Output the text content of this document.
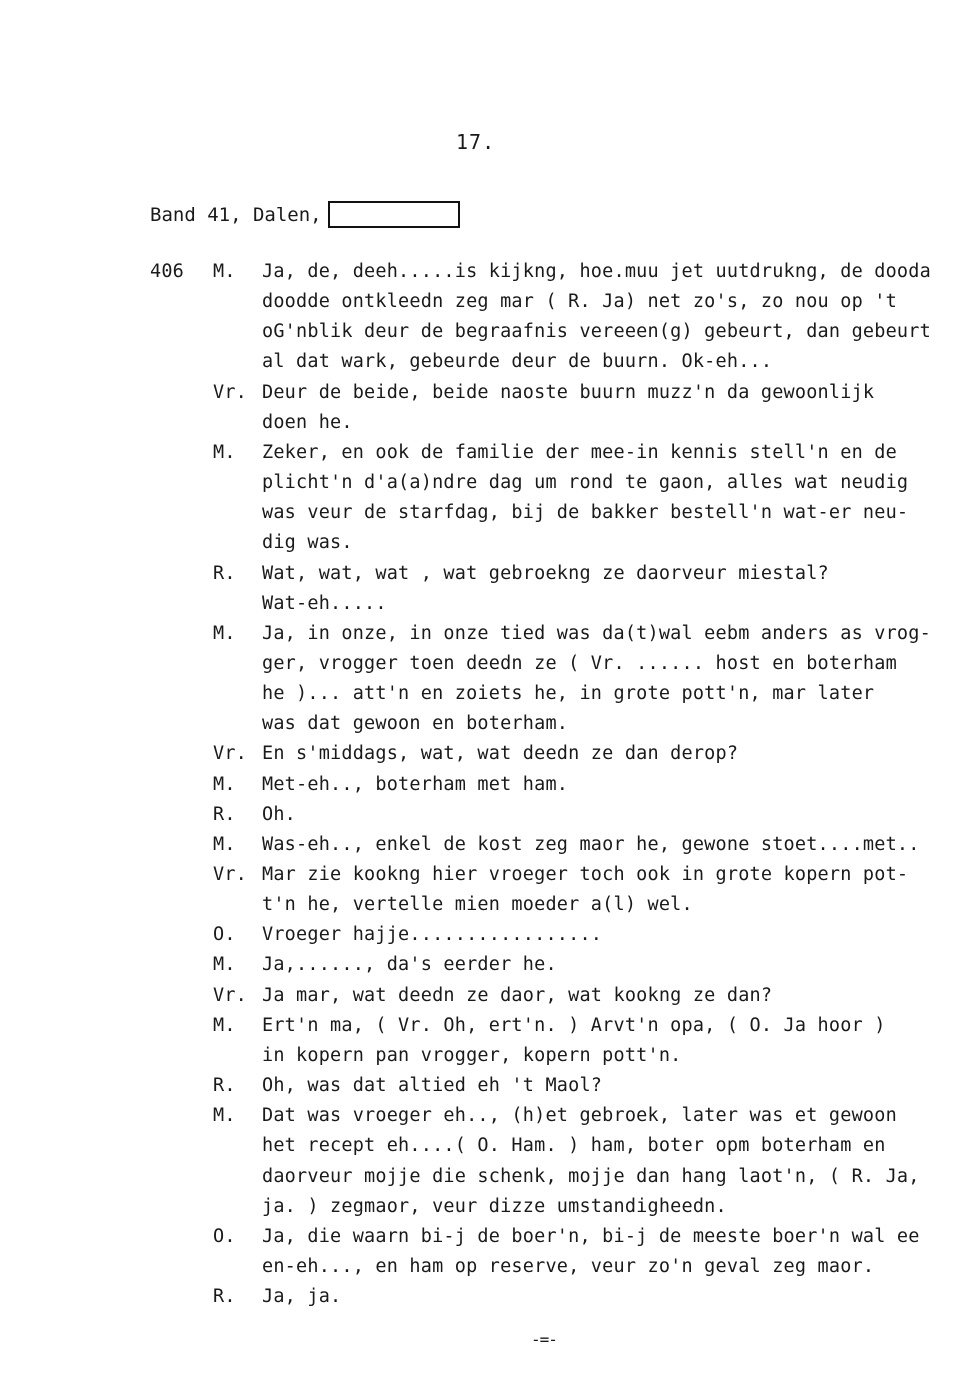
17.
Band 41, Dalen,
406 M. Ja, de, deeh.....is kijkng, hoe.muu jet uutdrukng, de dooda
doodde ontkleedn zeg mar ( R. Ja) net zo's, zo nou op 't
oG'nblik deur de begraafnis vereeen(g) gebeurt, dan gebeurt
al dat wark, gebeurde deur de buurn. Ok-eh...
Vr. Deur de beide, beide naoste buurn muzz'n da gewoonlijk
doen he.
M. Zeker, en ook de familie der mee-in kennis stell'n en de
plicht'n d'a(a)ndre dag um rond te gaon, alles wat neudig
was veur de starfdag, bij de bakker bestell'n wat-er neu-
dig was.
R. Wat, wat, wat , wat gebroekng ze daorveur miestal?
Wat-eh.....
M. Ja, in onze, in onze tied was da(t)wal eebm anders as vrog-
ger, vrogger toen deedn ze ( Vr. ...... host en boterham
he )... att'n en zoiets he, in grote pott'n, mar later
was dat gewoon en boterham.
Vr. En s'middags, wat, wat deedn ze dan derop?
M. Met-eh.., boterham met ham.
R. Oh.
M. Was-eh.., enkel de kost zeg maor he, gewone stoet....met..
Vr. Mar zie kookng hier vroeger toch ook in grote kopern pot-
t'n he, vertelle mien moeder a(l) wel.
O. Vroeger hajje.................
M. Ja,......, da's eerder he.
Vr. Ja mar, wat deedn ze daor, wat kookng ze dan?
M. Ert'n ma, ( Vr. Oh, ert'n. ) Arvt'n opa, ( O. Ja hoor )
in kopern pan vrogger, kopern pott'n.
R. Oh, was dat altied eh 't Maol?
M. Dat was vroeger eh.., (h)et gebroek, later was et gewoon
het recept eh....( O. Ham. ) ham, boter opm boterham en
daorveur mojje die schenk, mojje dan hang laot'n, ( R. Ja,
ja. ) zegmaor, veur dizze umstandigheedn.
O. Ja, die waarn bi-j de boer'n, bi-j de meeste boer'n wal ee
en-eh..., en ham op reserve, veur zo'n geval zeg maor.
R. Ja, ja.
-=-
